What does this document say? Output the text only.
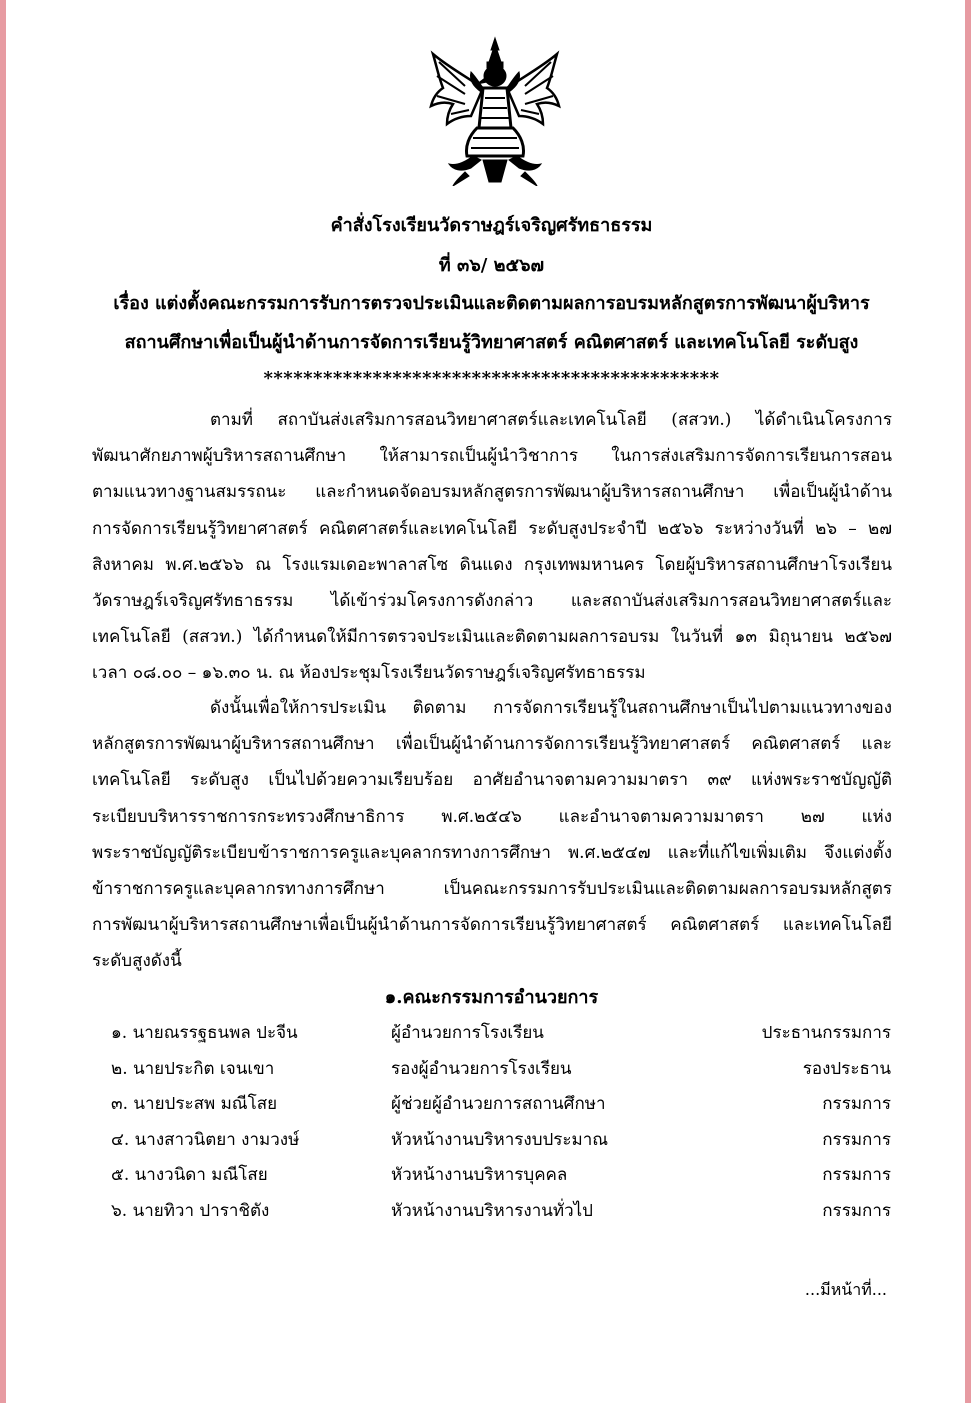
คำสั่งโรงเรียนวัดราษฎร์เจริญศรัทธาธรรม
ที่ ๓๖/ ๒๕๖๗
เรื่อง แต่งตั้งคณะกรรมการรับการตรวจประเมินและติดตามผลการอบรมหลักสูตรการพัฒนาผู้บริหาร
สถานศึกษาเพื่อเป็นผู้นำด้านการจัดการเรียนรู้วิทยาศาสตร์ คณิตศาสตร์ และเทคโนโลยี ระดับสูง
**********************************************
ตามที่ สถาบันส่งเสริมการสอนวิทยาศาสตร์และเทคโนโลยี (สสวท.) ได้ดำเนินโครงการ
พัฒนาศักยภาพผู้บริหารสถานศึกษา ให้สามารถเป็นผู้นำวิชาการ ในการส่งเสริมการจัดการเรียนการสอน
ตามแนวทางฐานสมรรถนะ และกำหนดจัดอบรมหลักสูตรการพัฒนาผู้บริหารสถานศึกษา เพื่อเป็นผู้นำด้าน
การจัดการเรียนรู้วิทยาศาสตร์ คณิตศาสตร์และเทคโนโลยี ระดับสูงประจำปี ๒๕๖๖ ระหว่างวันที่ ๒๖ – ๒๗
สิงหาคม พ.ศ.๒๕๖๖ ณ โรงแรมเดอะพาลาสโซ ดินแดง กรุงเทพมหานคร โดยผู้บริหารสถานศึกษาโรงเรียน
วัดราษฎร์เจริญศรัทธาธรรม ได้เข้าร่วมโครงการดังกล่าว และสถาบันส่งเสริมการสอนวิทยาศาสตร์และ
เทคโนโลยี (สสวท.) ได้กำหนดให้มีการตรวจประเมินและติดตามผลการอบรม ในวันที่ ๑๓ มิถุนายน ๒๕๖๗
เวลา ๐๘.๐๐ – ๑๖.๓๐ น. ณ ห้องประชุมโรงเรียนวัดราษฎร์เจริญศรัทธาธรรม
ดังนั้นเพื่อให้การประเมิน ติดตาม การจัดการเรียนรู้ในสถานศึกษาเป็นไปตามแนวทางของ
หลักสูตรการพัฒนาผู้บริหารสถานศึกษา เพื่อเป็นผู้นำด้านการจัดการเรียนรู้วิทยาศาสตร์ คณิตศาสตร์ และ
เทคโนโลยี ระดับสูง เป็นไปด้วยความเรียบร้อย อาศัยอำนาจตามความมาตรา ๓๙ แห่งพระราชบัญญัติ
ระเบียบบริหารราชการกระทรวงศึกษาธิการ พ.ศ.๒๕๔๖ และอำนาจตามความมาตรา ๒๗ แห่ง
พระราชบัญญัติระเบียบข้าราชการครูและบุคลากรทางการศึกษา พ.ศ.๒๕๔๗ และที่แก้ไขเพิ่มเติม จึงแต่งตั้ง
ข้าราชการครูและบุคลากรทางการศึกษา เป็นคณะกรรมการรับประเมินและติดตามผลการอบรมหลักสูตร
การพัฒนาผู้บริหารสถานศึกษาเพื่อเป็นผู้นำด้านการจัดการเรียนรู้วิทยาศาสตร์ คณิตศาสตร์ และเทคโนโลยี
ระดับสูงดังนี้
๑.คณะกรรมการอำนวยการ
๑. นายณรรฐธนพล ปะจีน	ผู้อำนวยการโรงเรียน	ประธานกรรมการ
๒. นายประกิต เจนเขา	รองผู้อำนวยการโรงเรียน	รองประธาน
๓. นายประสพ มณีโสย	ผู้ช่วยผู้อำนวยการสถานศึกษา	กรรมการ
๔. นางสาวนิตยา งามวงษ์	หัวหน้างานบริหารงบประมาณ	กรรมการ
๕. นางวนิดา มณีโสย	หัวหน้างานบริหารบุคคล	กรรมการ
๖. นายทิวา ปาราชิตัง	หัวหน้างานบริหารงานทั่วไป	กรรมการ
...มีหน้าที่...
